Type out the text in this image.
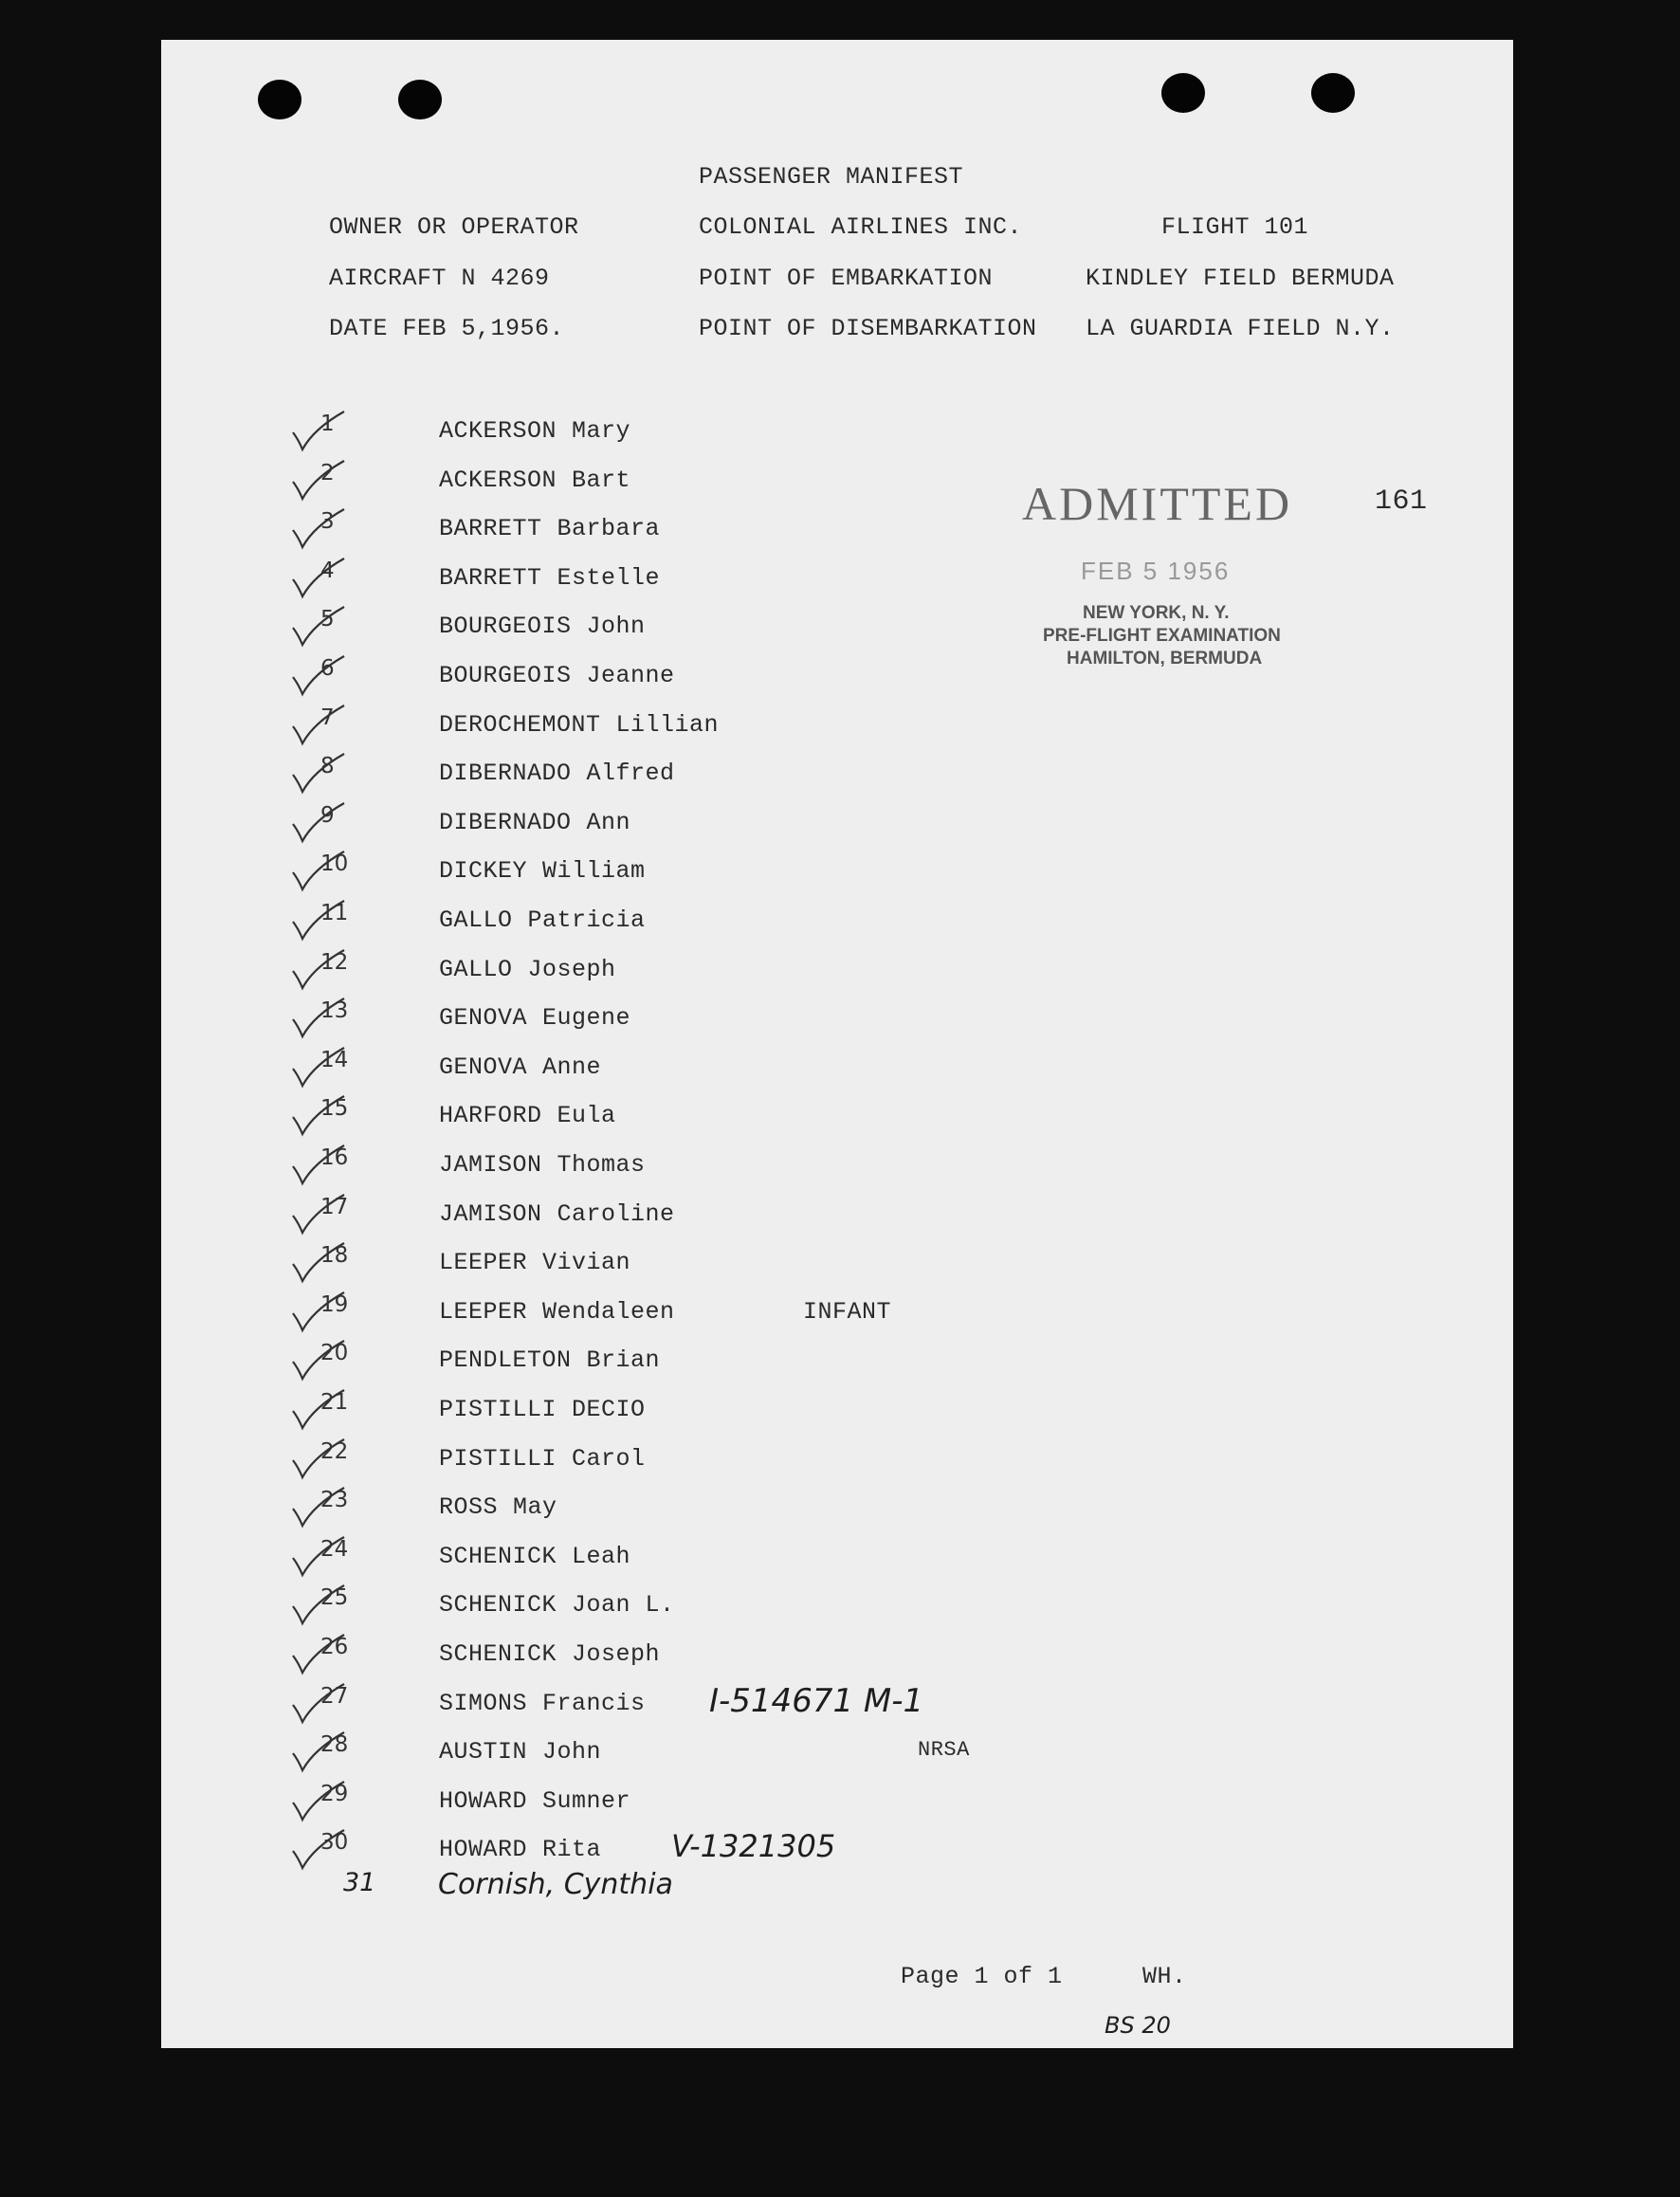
PASSENGER MANIFEST
OWNER OR OPERATOR	COLONIAL AIRLINES INC.	FLIGHT 101
AIRCRAFT N 4269	POINT OF EMBARKATION	KINDLEY FIELD BERMUDA
DATE FEB 5,1956.	POINT OF DISEMBARKATION LA GUARDIA FIELD N.Y.
ADMITTED	161
FEB 5 1956
NEW YORK, N. Y.
PRE-FLIGHT EXAMINATION
HAMILTON, BERMUDA
1	ACKERSON Mary
2	ACKERSON Bart
3	BARRETT Barbara
4	BARRETT Estelle
5	BOURGEOIS John
6	BOURGEOIS Jeanne
7	DEROCHEMONT Lillian
8	DIBERNADO Alfred
9	DIBERNADO Ann
10	DICKEY William
11	GALLO Patricia
12	GALLO Joseph
13	GENOVA Eugene
14	GENOVA Anne
15	HARFORD Eula
16	JAMISON Thomas
17	JAMISON Caroline
18	LEEPER Vivian
19	LEEPER Wendaleen	INFANT
20	PENDLETON Brian
21	PISTILLI DECIO
22	PISTILLI Carol
23	ROSS May
24	SCHENICK Leah
25	SCHENICK Joan L.
26	SCHENICK Joseph
27	SIMONS Francis I-514671 M-1
28	AUSTIN John	NRSA
29	HOWARD Sumner
30	HOWARD Rita V-1321305
31 Cornish, Cynthia
Page 1 of 1	WH.
BS 20
